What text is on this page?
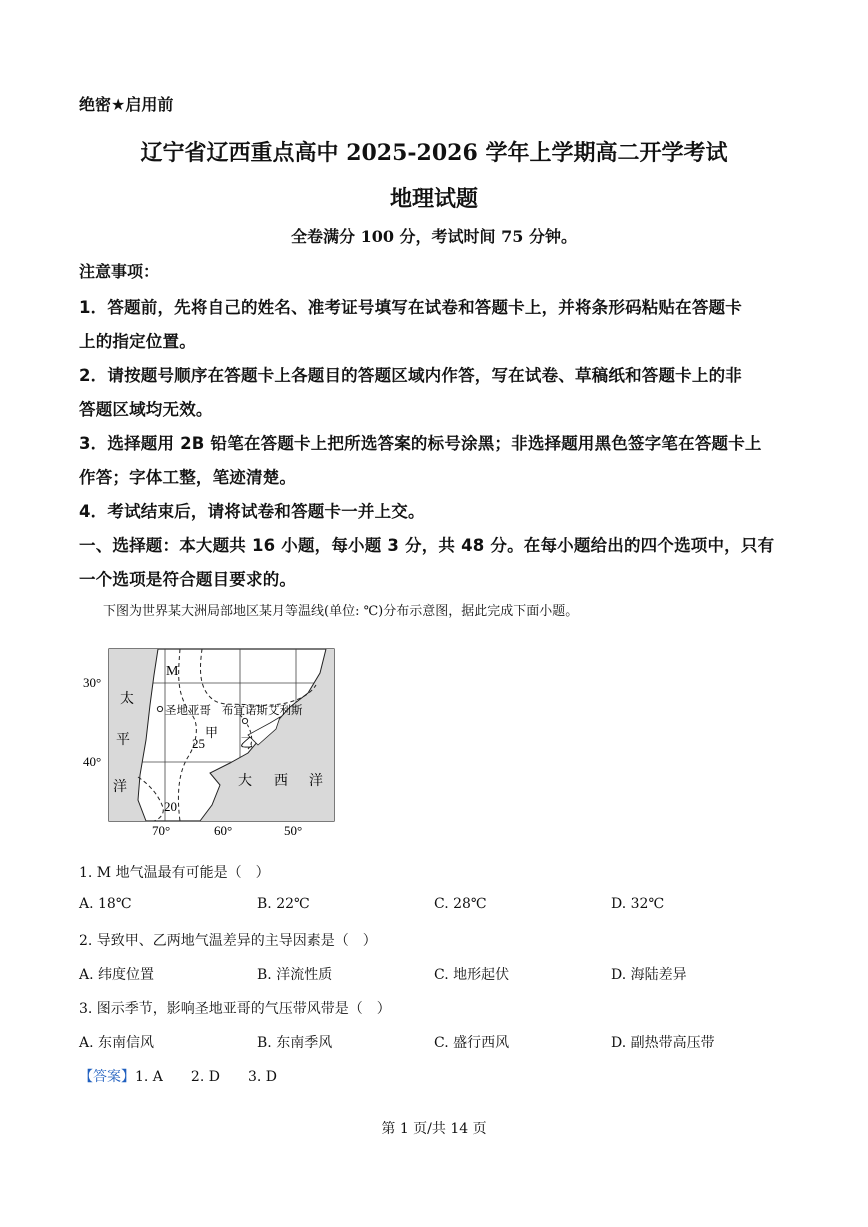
绝密★启用前
辽宁省辽西重点高中 2025-2026 学年上学期高二开学考试
地理试题
全卷满分 100 分，考试时间 75 分钟。
注意事项：
1．答题前，先将自己的姓名、准考证号填写在试卷和答题卡上，并将条形码粘贴在答题卡
上的指定位置。
2．请按题号顺序在答题卡上各题目的答题区域内作答，写在试卷、草稿纸和答题卡上的非
答题区域均无效。
3．选择题用 2B 铅笔在答题卡上把所选答案的标号涂黑；非选择题用黑色签字笔在答题卡上
作答；字体工整，笔迹清楚。
4．考试结束后，请将试卷和答题卡一并上交。
一、选择题：本大题共 16 小题，每小题 3 分，共 48 分。在每小题给出的四个选项中，只有
一个选项是符合题目要求的。
下图为世界某大洲局部地区某月等温线(单位: ℃)分布示意图，据此完成下面小题。
30°
40°
70°	60°	50°
太
平
洋	大 西 洋
M
圣地亚哥 布宜诺斯艾利斯
甲
乙
25
20
1. M 地气温最有可能是（　）
A. 18℃	B. 22℃	C. 28℃	D. 32℃
2. 导致甲、乙两地气温差异的主导因素是（　）
A. 纬度位置	B. 洋流性质	C. 地形起伏	D. 海陆差异
3. 图示季节，影响圣地亚哥的气压带风带是（　）
A. 东南信风	B. 东南季风	C. 盛行西风	D. 副热带高压带
【答案】1. A　　2. D　　3. D
第 1 页/共 14 页
